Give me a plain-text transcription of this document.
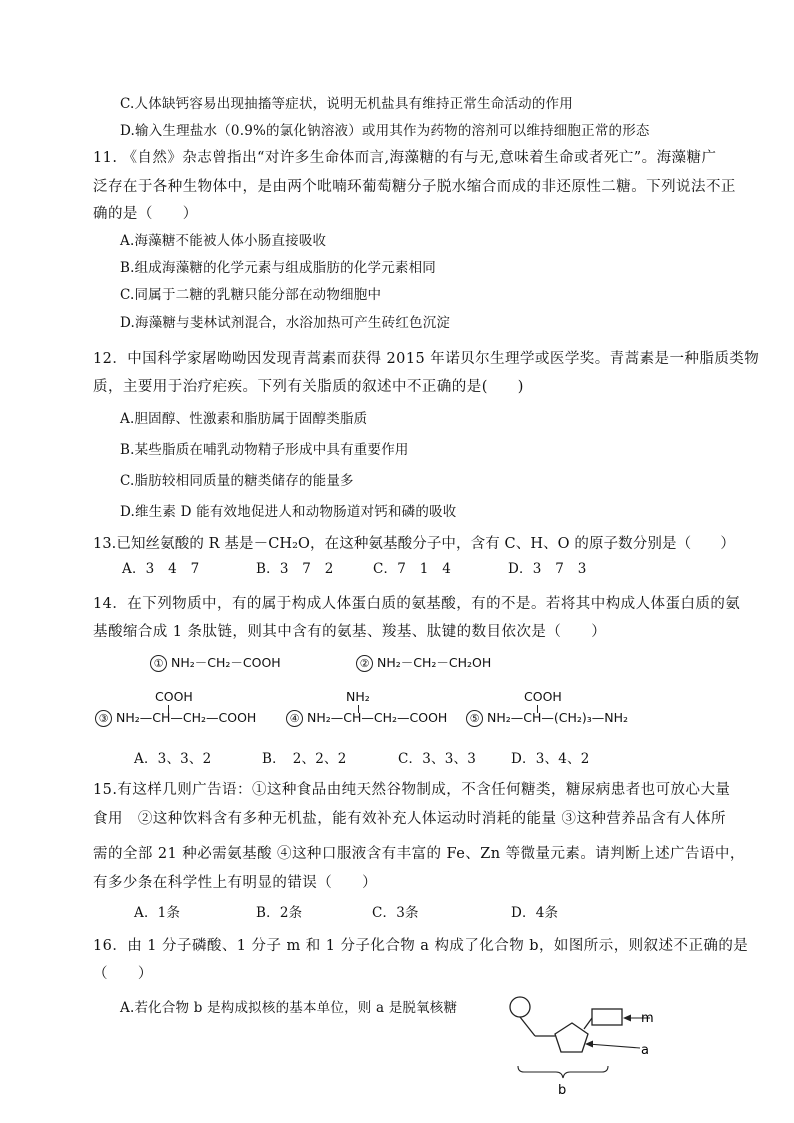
C.人体缺钙容易出现抽搐等症状，说明无机盐具有维持正常生命活动的作用
D.输入生理盐水（0.9%的氯化钠溶液）或用其作为药物的溶剂可以维持细胞正常的形态
11. 《自然》杂志曾指出“对许多生命体而言,海藻糖的有与无,意味着生命或者死亡”。海藻糖广
泛存在于各种生物体中，是由两个吡喃环葡萄糖分子脱水缩合而成的非还原性二糖。下列说法不正
确的是（　　）
A.海藻糖不能被人体小肠直接吸收
B.组成海藻糖的化学元素与组成脂肪的化学元素相同
C.同属于二糖的乳糖只能分部在动物细胞中
D.海藻糖与斐林试剂混合，水浴加热可产生砖红色沉淀
12．中国科学家屠呦呦因发现青蒿素而获得 2015 年诺贝尔生理学或医学奖。青蒿素是一种脂质类物
质，主要用于治疗疟疾。下列有关脂质的叙述中不正确的是(　　)
A.胆固醇、性激素和脂肪属于固醇类脂质
B.某些脂质在哺乳动物精子形成中具有重要作用
C.脂肪较相同质量的糖类储存的能量多
D.维生素 D 能有效地促进人和动物肠道对钙和磷的吸收
13.已知丝氨酸的 R 基是－CH₂O，在这种氨基酸分子中，含有 C、H、O 的原子数分别是（　　）
A．3　4　7	B．3　7　2	C．7　1　4	D．3　7　3
14．在下列物质中，有的属于构成人体蛋白质的氨基酸，有的不是。若将其中构成人体蛋白质的氨
基酸缩合成 1 条肽链，则其中含有的氨基、羧基、肽键的数目依次是（　　）
① NH₂－CH₂－COOH	② NH₂－CH₂－CH₂OH
COOH
③ NH₂—CH—CH₂—COOH
NH₂
④ NH₂—CH—CH₂—COOH
COOH
⑤ NH₂—CH—(CH₂)₃—NH₂
A．3、3、2	B．　2、2、2	C．3、3、3	D．3、4、2
15.有这样几则广告语：①这种食品由纯天然谷物制成，不含任何糖类，糖尿病患者也可放心大量
食用　②这种饮料含有多种无机盐，能有效补充人体运动时消耗的能量 ③这种营养品含有人体所
需的全部 21 种必需氨基酸 ④这种口服液含有丰富的 Fe、Zn 等微量元素。请判断上述广告语中，
有多少条在科学性上有明显的错误（　　）
A．1条	B．2条	C．3条	D．4条
16．由 1 分子磷酸、1 分子 m 和 1 分子化合物 a 构成了化合物 b，如图所示，则叙述不正确的是
（　　）
A.若化合物 b 是构成拟核的基本单位，则 a 是脱氧核糖
m
a
b
